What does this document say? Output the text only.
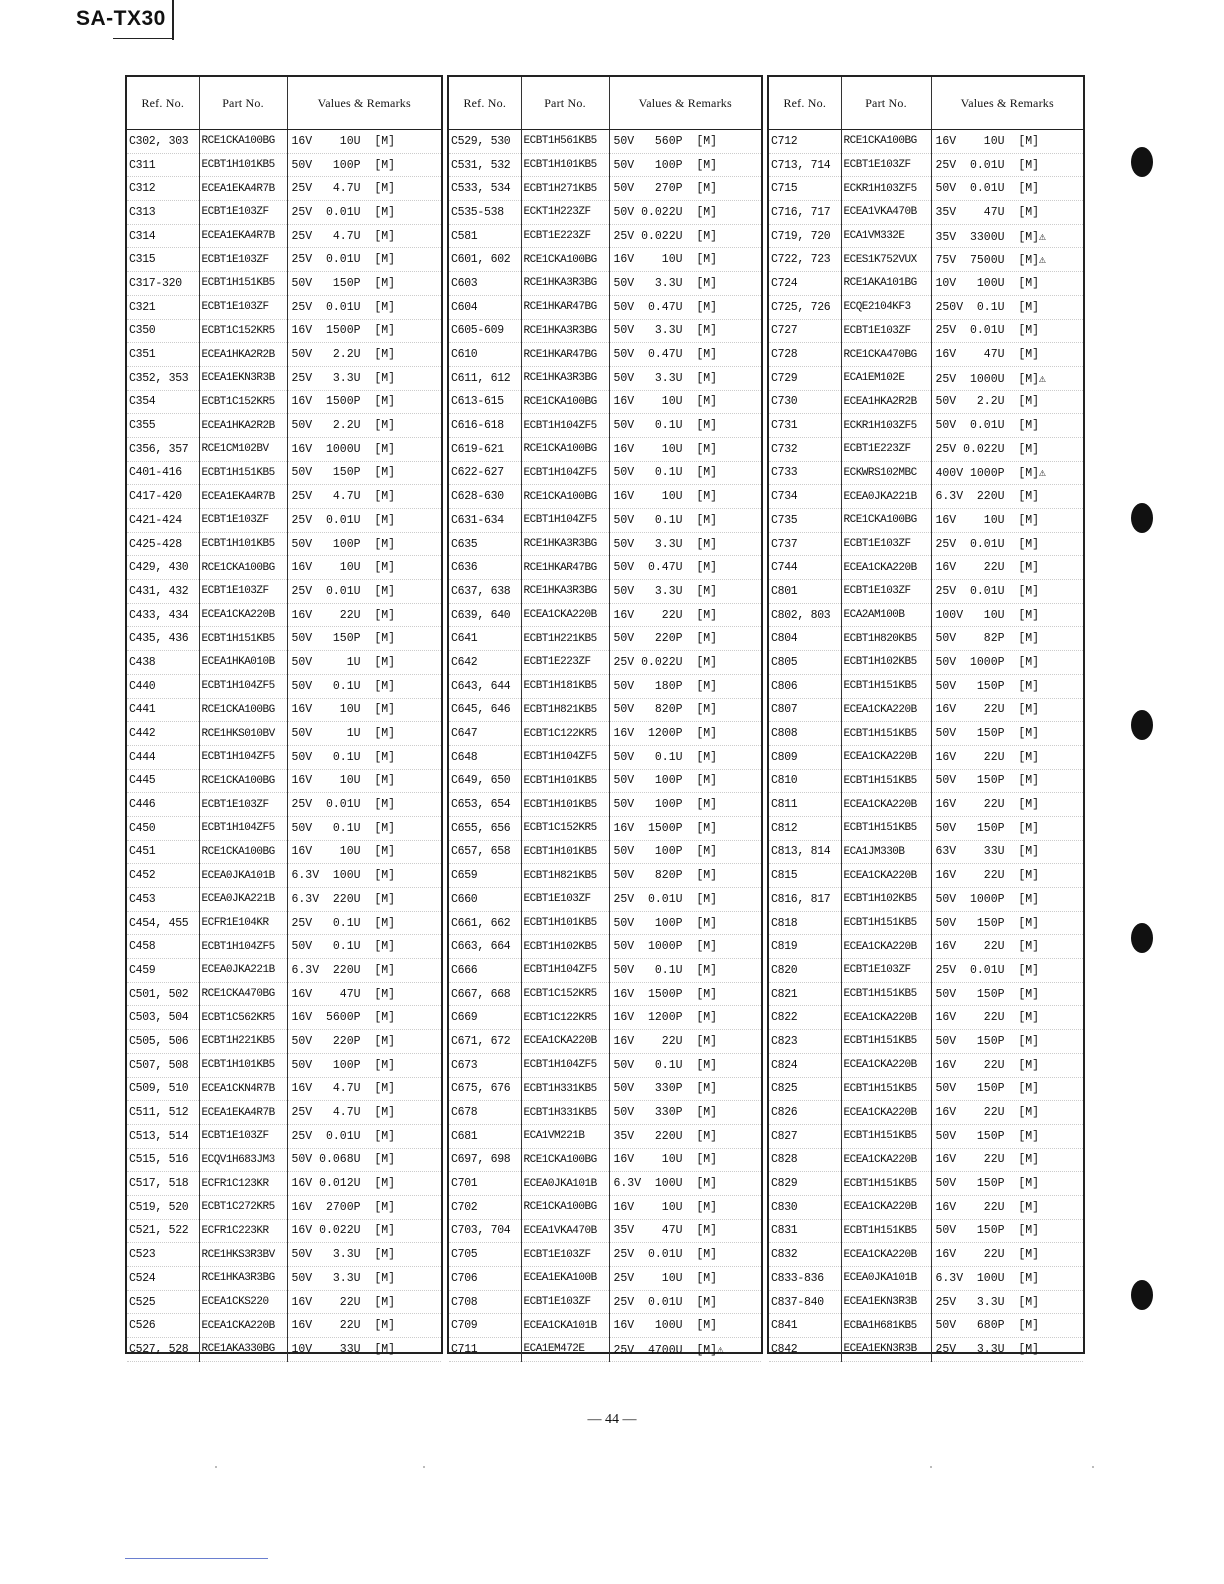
SA-TX30
Ref. No.	Part No.	Values & Remarks
C302, 303	RCE1CKA100BG	16V    10U  [M]
C311	ECBT1H101KB5	50V   100P  [M]
C312	ECEA1EKA4R7B	25V   4.7U  [M]
C313	ECBT1E103ZF	25V  0.01U  [M]
C314	ECEA1EKA4R7B	25V   4.7U  [M]
C315	ECBT1E103ZF	25V  0.01U  [M]
C317-320	ECBT1H151KB5	50V   150P  [M]
C321	ECBT1E103ZF	25V  0.01U  [M]
C350	ECBT1C152KR5	16V  1500P  [M]
C351	ECEA1HKA2R2B	50V   2.2U  [M]
C352, 353	ECEA1EKN3R3B	25V   3.3U  [M]
C354	ECBT1C152KR5	16V  1500P  [M]
C355	ECEA1HKA2R2B	50V   2.2U  [M]
C356, 357	RCE1CM102BV	16V  1000U  [M]
C401-416	ECBT1H151KB5	50V   150P  [M]
C417-420	ECEA1EKA4R7B	25V   4.7U  [M]
C421-424	ECBT1E103ZF	25V  0.01U  [M]
C425-428	ECBT1H101KB5	50V   100P  [M]
C429, 430	RCE1CKA100BG	16V    10U  [M]
C431, 432	ECBT1E103ZF	25V  0.01U  [M]
C433, 434	ECEA1CKA220B	16V    22U  [M]
C435, 436	ECBT1H151KB5	50V   150P  [M]
C438	ECEA1HKA010B	50V     1U  [M]
C440	ECBT1H104ZF5	50V   0.1U  [M]
C441	RCE1CKA100BG	16V    10U  [M]
C442	RCE1HKS010BV	50V     1U  [M]
C444	ECBT1H104ZF5	50V   0.1U  [M]
C445	RCE1CKA100BG	16V    10U  [M]
C446	ECBT1E103ZF	25V  0.01U  [M]
C450	ECBT1H104ZF5	50V   0.1U  [M]
C451	RCE1CKA100BG	16V    10U  [M]
C452	ECEA0JKA101B	6.3V  100U  [M]
C453	ECEA0JKA221B	6.3V  220U  [M]
C454, 455	ECFR1E104KR	25V   0.1U  [M]
C458	ECBT1H104ZF5	50V   0.1U  [M]
C459	ECEA0JKA221B	6.3V  220U  [M]
C501, 502	RCE1CKA470BG	16V    47U  [M]
C503, 504	ECBT1C562KR5	16V  5600P  [M]
C505, 506	ECBT1H221KB5	50V   220P  [M]
C507, 508	ECBT1H101KB5	50V   100P  [M]
C509, 510	ECEA1CKN4R7B	16V   4.7U  [M]
C511, 512	ECEA1EKA4R7B	25V   4.7U  [M]
C513, 514	ECBT1E103ZF	25V  0.01U  [M]
C515, 516	ECQV1H683JM3	50V 0.068U  [M]
C517, 518	ECFR1C123KR	16V 0.012U  [M]
C519, 520	ECBT1C272KR5	16V  2700P  [M]
C521, 522	ECFR1C223KR	16V 0.022U  [M]
C523	RCE1HKS3R3BV	50V   3.3U  [M]
C524	RCE1HKA3R3BG	50V   3.3U  [M]
C525	ECEA1CKS220	16V    22U  [M]
C526	ECEA1CKA220B	16V    22U  [M]
C527, 528	RCE1AKA330BG	10V    33U  [M]
Ref. No.	Part No.	Values & Remarks
C529, 530	ECBT1H561KB5	50V   560P  [M]
C531, 532	ECBT1H101KB5	50V   100P  [M]
C533, 534	ECBT1H271KB5	50V   270P  [M]
C535-538	ECKT1H223ZF	50V 0.022U  [M]
C581	ECBT1E223ZF	25V 0.022U  [M]
C601, 602	RCE1CKA100BG	16V    10U  [M]
C603	RCE1HKA3R3BG	50V   3.3U  [M]
C604	RCE1HKAR47BG	50V  0.47U  [M]
C605-609	RCE1HKA3R3BG	50V   3.3U  [M]
C610	RCE1HKAR47BG	50V  0.47U  [M]
C611, 612	RCE1HKA3R3BG	50V   3.3U  [M]
C613-615	RCE1CKA100BG	16V    10U  [M]
C616-618	ECBT1H104ZF5	50V   0.1U  [M]
C619-621	RCE1CKA100BG	16V    10U  [M]
C622-627	ECBT1H104ZF5	50V   0.1U  [M]
C628-630	RCE1CKA100BG	16V    10U  [M]
C631-634	ECBT1H104ZF5	50V   0.1U  [M]
C635	RCE1HKA3R3BG	50V   3.3U  [M]
C636	RCE1HKAR47BG	50V  0.47U  [M]
C637, 638	RCE1HKA3R3BG	50V   3.3U  [M]
C639, 640	ECEA1CKA220B	16V    22U  [M]
C641	ECBT1H221KB5	50V   220P  [M]
C642	ECBT1E223ZF	25V 0.022U  [M]
C643, 644	ECBT1H181KB5	50V   180P  [M]
C645, 646	ECBT1H821KB5	50V   820P  [M]
C647	ECBT1C122KR5	16V  1200P  [M]
C648	ECBT1H104ZF5	50V   0.1U  [M]
C649, 650	ECBT1H101KB5	50V   100P  [M]
C653, 654	ECBT1H101KB5	50V   100P  [M]
C655, 656	ECBT1C152KR5	16V  1500P  [M]
C657, 658	ECBT1H101KB5	50V   100P  [M]
C659	ECBT1H821KB5	50V   820P  [M]
C660	ECBT1E103ZF	25V  0.01U  [M]
C661, 662	ECBT1H101KB5	50V   100P  [M]
C663, 664	ECBT1H102KB5	50V  1000P  [M]
C666	ECBT1H104ZF5	50V   0.1U  [M]
C667, 668	ECBT1C152KR5	16V  1500P  [M]
C669	ECBT1C122KR5	16V  1200P  [M]
C671, 672	ECEA1CKA220B	16V    22U  [M]
C673	ECBT1H104ZF5	50V   0.1U  [M]
C675, 676	ECBT1H331KB5	50V   330P  [M]
C678	ECBT1H331KB5	50V   330P  [M]
C681	ECA1VM221B	35V   220U  [M]
C697, 698	RCE1CKA100BG	16V    10U  [M]
C701	ECEA0JKA101B	6.3V  100U  [M]
C702	RCE1CKA100BG	16V    10U  [M]
C703, 704	ECEA1VKA470B	35V    47U  [M]
C705	ECBT1E103ZF	25V  0.01U  [M]
C706	ECEA1EKA100B	25V    10U  [M]
C708	ECBT1E103ZF	25V  0.01U  [M]
C709	ECEA1CKA101B	16V   100U  [M]
C711	ECA1EM472E	25V  4700U  [M]⚠
Ref. No.	Part No.	Values & Remarks
C712	RCE1CKA100BG	16V    10U  [M]
C713, 714	ECBT1E103ZF	25V  0.01U  [M]
C715	ECKR1H103ZF5	50V  0.01U  [M]
C716, 717	ECEA1VKA470B	35V    47U  [M]
C719, 720	ECA1VM332E	35V  3300U  [M]⚠
C722, 723	ECES1K752VUX	75V  7500U  [M]⚠
C724	RCE1AKA101BG	10V   100U  [M]
C725, 726	ECQE2104KF3	250V  0.1U  [M]
C727	ECBT1E103ZF	25V  0.01U  [M]
C728	RCE1CKA470BG	16V    47U  [M]
C729	ECA1EM102E	25V  1000U  [M]⚠
C730	ECEA1HKA2R2B	50V   2.2U  [M]
C731	ECKR1H103ZF5	50V  0.01U  [M]
C732	ECBT1E223ZF	25V 0.022U  [M]
C733	ECKWRS102MBC	400V 1000P  [M]⚠
C734	ECEA0JKA221B	6.3V  220U  [M]
C735	RCE1CKA100BG	16V    10U  [M]
C737	ECBT1E103ZF	25V  0.01U  [M]
C744	ECEA1CKA220B	16V    22U  [M]
C801	ECBT1E103ZF	25V  0.01U  [M]
C802, 803	ECA2AM100B	100V   10U  [M]
C804	ECBT1H820KB5	50V    82P  [M]
C805	ECBT1H102KB5	50V  1000P  [M]
C806	ECBT1H151KB5	50V   150P  [M]
C807	ECEA1CKA220B	16V    22U  [M]
C808	ECBT1H151KB5	50V   150P  [M]
C809	ECEA1CKA220B	16V    22U  [M]
C810	ECBT1H151KB5	50V   150P  [M]
C811	ECEA1CKA220B	16V    22U  [M]
C812	ECBT1H151KB5	50V   150P  [M]
C813, 814	ECA1JM330B	63V    33U  [M]
C815	ECEA1CKA220B	16V    22U  [M]
C816, 817	ECBT1H102KB5	50V  1000P  [M]
C818	ECBT1H151KB5	50V   150P  [M]
C819	ECEA1CKA220B	16V    22U  [M]
C820	ECBT1E103ZF	25V  0.01U  [M]
C821	ECBT1H151KB5	50V   150P  [M]
C822	ECEA1CKA220B	16V    22U  [M]
C823	ECBT1H151KB5	50V   150P  [M]
C824	ECEA1CKA220B	16V    22U  [M]
C825	ECBT1H151KB5	50V   150P  [M]
C826	ECEA1CKA220B	16V    22U  [M]
C827	ECBT1H151KB5	50V   150P  [M]
C828	ECEA1CKA220B	16V    22U  [M]
C829	ECBT1H151KB5	50V   150P  [M]
C830	ECEA1CKA220B	16V    22U  [M]
C831	ECBT1H151KB5	50V   150P  [M]
C832	ECEA1CKA220B	16V    22U  [M]
C833-836	ECEA0JKA101B	6.3V  100U  [M]
C837-840	ECEA1EKN3R3B	25V   3.3U  [M]
C841	ECBA1H681KB5	50V   680P  [M]
C842	ECEA1EKN3R3B	25V   3.3U  [M]
— 44 —
